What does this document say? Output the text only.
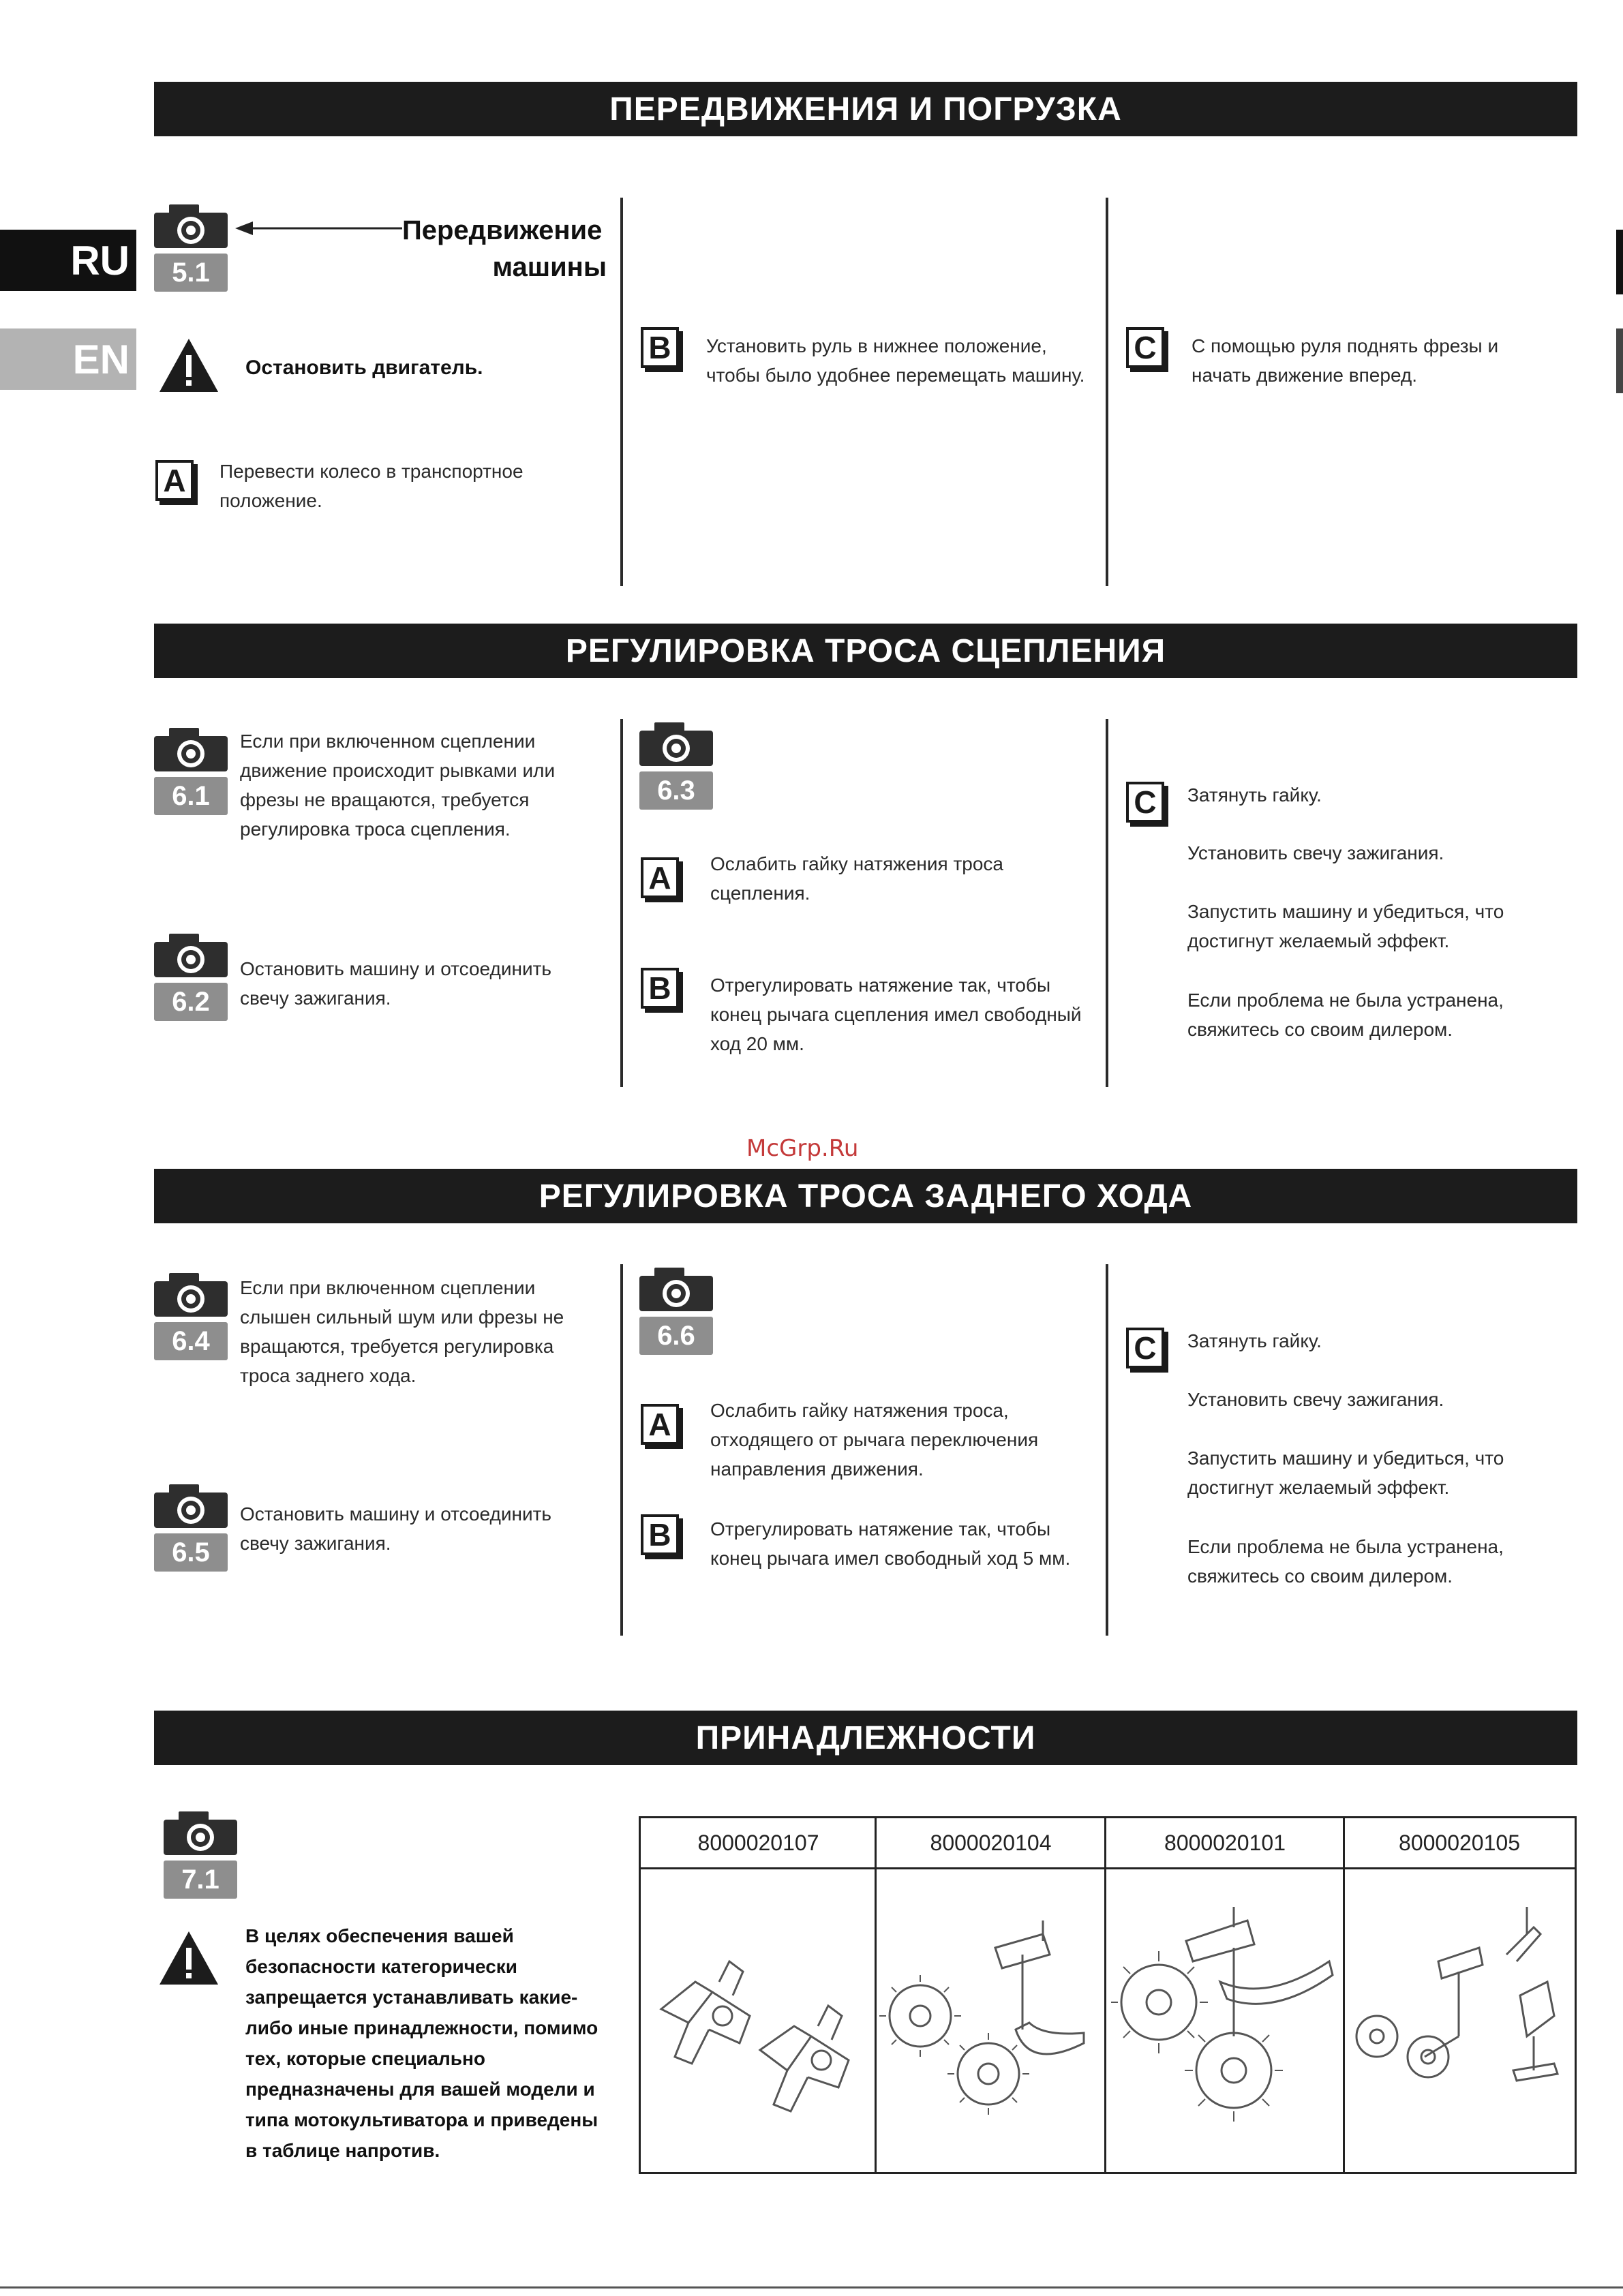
RU
EN
ПЕРЕДВИЖЕНИЯ И ПОГРУЗКА
5.1
Передвижение
машины
Остановить двигатель.
A	Перевести колесо в транспортное положение.
B	Установить руль в нижнее положение, чтобы было удобнее перемещать машину.
C	С помощью руля поднять фрезы и начать движение вперед.
РЕГУЛИРОВКА ТРОСА СЦЕПЛЕНИЯ
6.1
Если при включенном сцеплении движение происходит рывками или фрезы не вращаются, требуется регулировка троса сцепления.
6.2
Остановить машину и отсоединить свечу зажигания.
6.3
A	Ослабить гайку натяжения троса сцепления.
B	Отрегулировать натяжение так, чтобы конец рычага сцепления имел свободный ход 20 мм.
C	Затянуть гайку.
Установить свечу зажигания.
Запустить машину и убедиться, что достигнут желаемый эффект.
Если проблема не была устранена, свяжитесь со своим дилером.
McGrp.Ru
РЕГУЛИРОВКА ТРОСА ЗАДНЕГО ХОДА
6.4
Если при включенном сцеплении слышен сильный шум или фрезы не вращаются, требуется регулировка троса заднего хода.
6.5
Остановить машину и отсоединить свечу зажигания.
6.6
A	Ослабить гайку натяжения троса, отходящего от рычага переключения направления движения.
B	Отрегулировать натяжение так, чтобы конец рычага имел свободный ход 5 мм.
C	Затянуть гайку.
Установить свечу зажигания.
Запустить машину и убедиться, что достигнут желаемый эффект.
Если проблема не была устранена, свяжитесь со своим дилером.
ПРИНАДЛЕЖНОСТИ
7.1
В целях обеспечения вашей безопасности категорически запрещается устанавливать какие-либо иные принадлежности, помимо тех, которые специально предназначены для вашей модели и типа мотокультиватора и приведены в таблице напротив.
8000020107	8000020104	8000020101	8000020105
